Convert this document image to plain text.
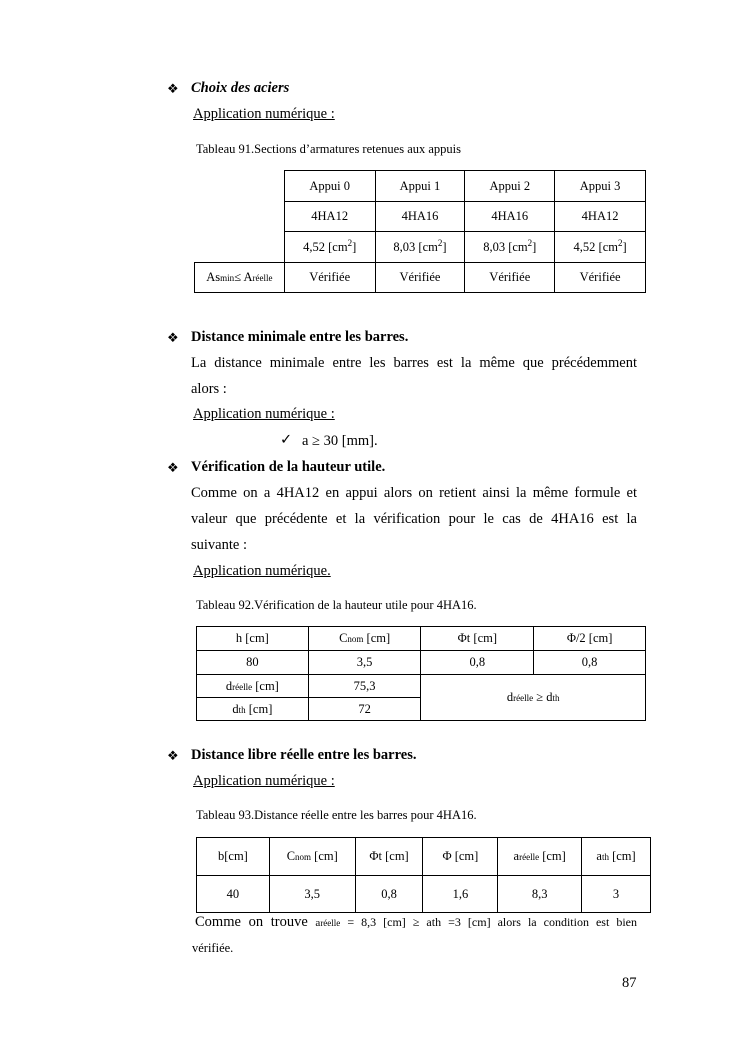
❖ Choix des aciers
Application numérique :
Tableau 91.Sections d’armatures retenues aux appuis
	Appui 0	Appui 1	Appui 2	Appui 3
	4HA12	4HA16	4HA16	4HA12
	4,52 $[cm^2]$	8,03 $[cm^2]$	8,03 $[cm^2]$	4,52 $[cm^2]$
Asmin≤ Aréelle	Vérifiée	Vérifiée	Vérifiée	Vérifiée
❖ Distance minimale entre les barres.
La distance minimale entre les barres est la même que précédemment
alors :
Application numérique :
✓ a ≥ 30 [mm].
❖ Vérification de la hauteur utile.
Comme on a 4HA12 en appui alors on retient ainsi la même formule et
valeur que précédente et la vérification pour le cas de 4HA16 est la
suivante :
Application numérique.
Tableau 92.Vérification de la hauteur utile pour 4HA16.
h [cm]	Cnom [cm]	Φt [cm]	Φ/2 [cm]
80	3,5	0,8	0,8
dréelle [cm]	75,3	dréelle ≥ dth	
dth [cm]	72		
❖ Distance libre réelle entre les barres.
Application numérique :
Tableau 93.Distance réelle entre les barres pour 4HA16.
b[cm]	Cnom [cm]	Φt [cm]	Φ [cm]	aréelle [cm]	ath [cm]
40	3,5	0,8	1,6	8,3	3
Comme on trouve aréelle = 8,3 [cm] ≥ ath =3 [cm] alors la condition est bien
vérifiée.
87
